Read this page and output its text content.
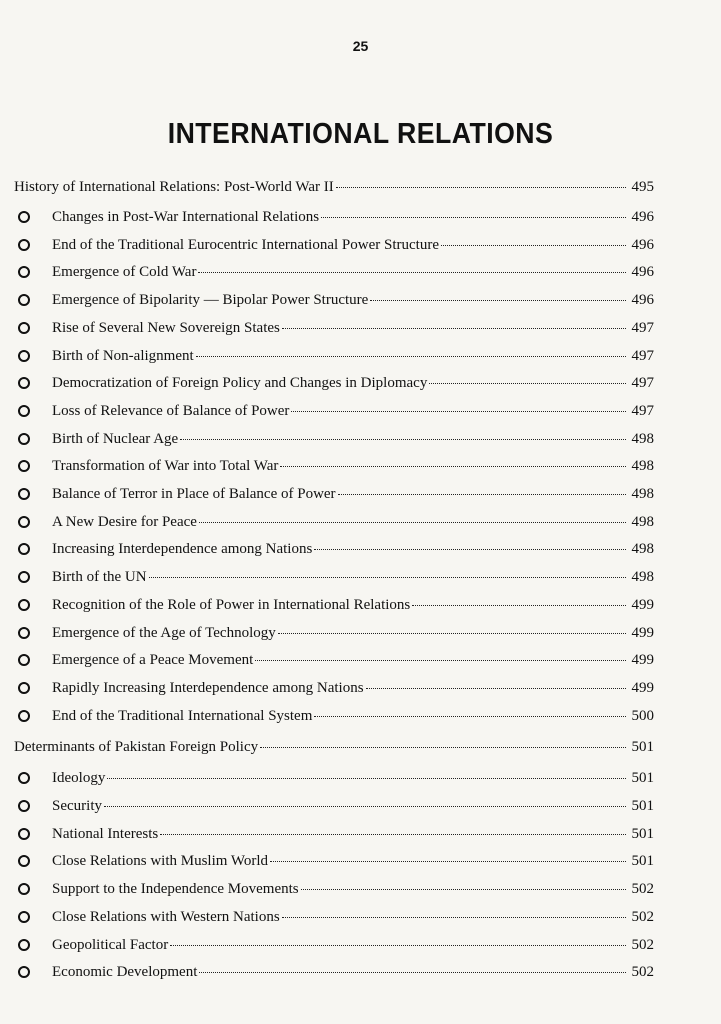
25
INTERNATIONAL RELATIONS
History of International Relations: Post-World War II	495
Changes in Post-War International Relations	496
End of the Traditional Eurocentric International Power Structure	496
Emergence of Cold War	496
Emergence of Bipolarity — Bipolar Power Structure	496
Rise of Several New Sovereign States	497
Birth of Non-alignment	497
Democratization of Foreign Policy and Changes in Diplomacy	497
Loss of Relevance of Balance of Power	497
Birth of Nuclear Age	498
Transformation of War into Total War	498
Balance of Terror in Place of Balance of Power	498
A New Desire for Peace	498
Increasing Interdependence among Nations	498
Birth of the UN	498
Recognition of the Role of Power in International Relations	499
Emergence of the Age of Technology	499
Emergence of a Peace Movement	499
Rapidly Increasing Interdependence among Nations	499
End of the Traditional International System	500
Determinants of Pakistan Foreign Policy	501
Ideology	501
Security	501
National Interests	501
Close Relations with Muslim World	501
Support to the Independence Movements	502
Close Relations with Western Nations	502
Geopolitical Factor	502
Economic Development	502
